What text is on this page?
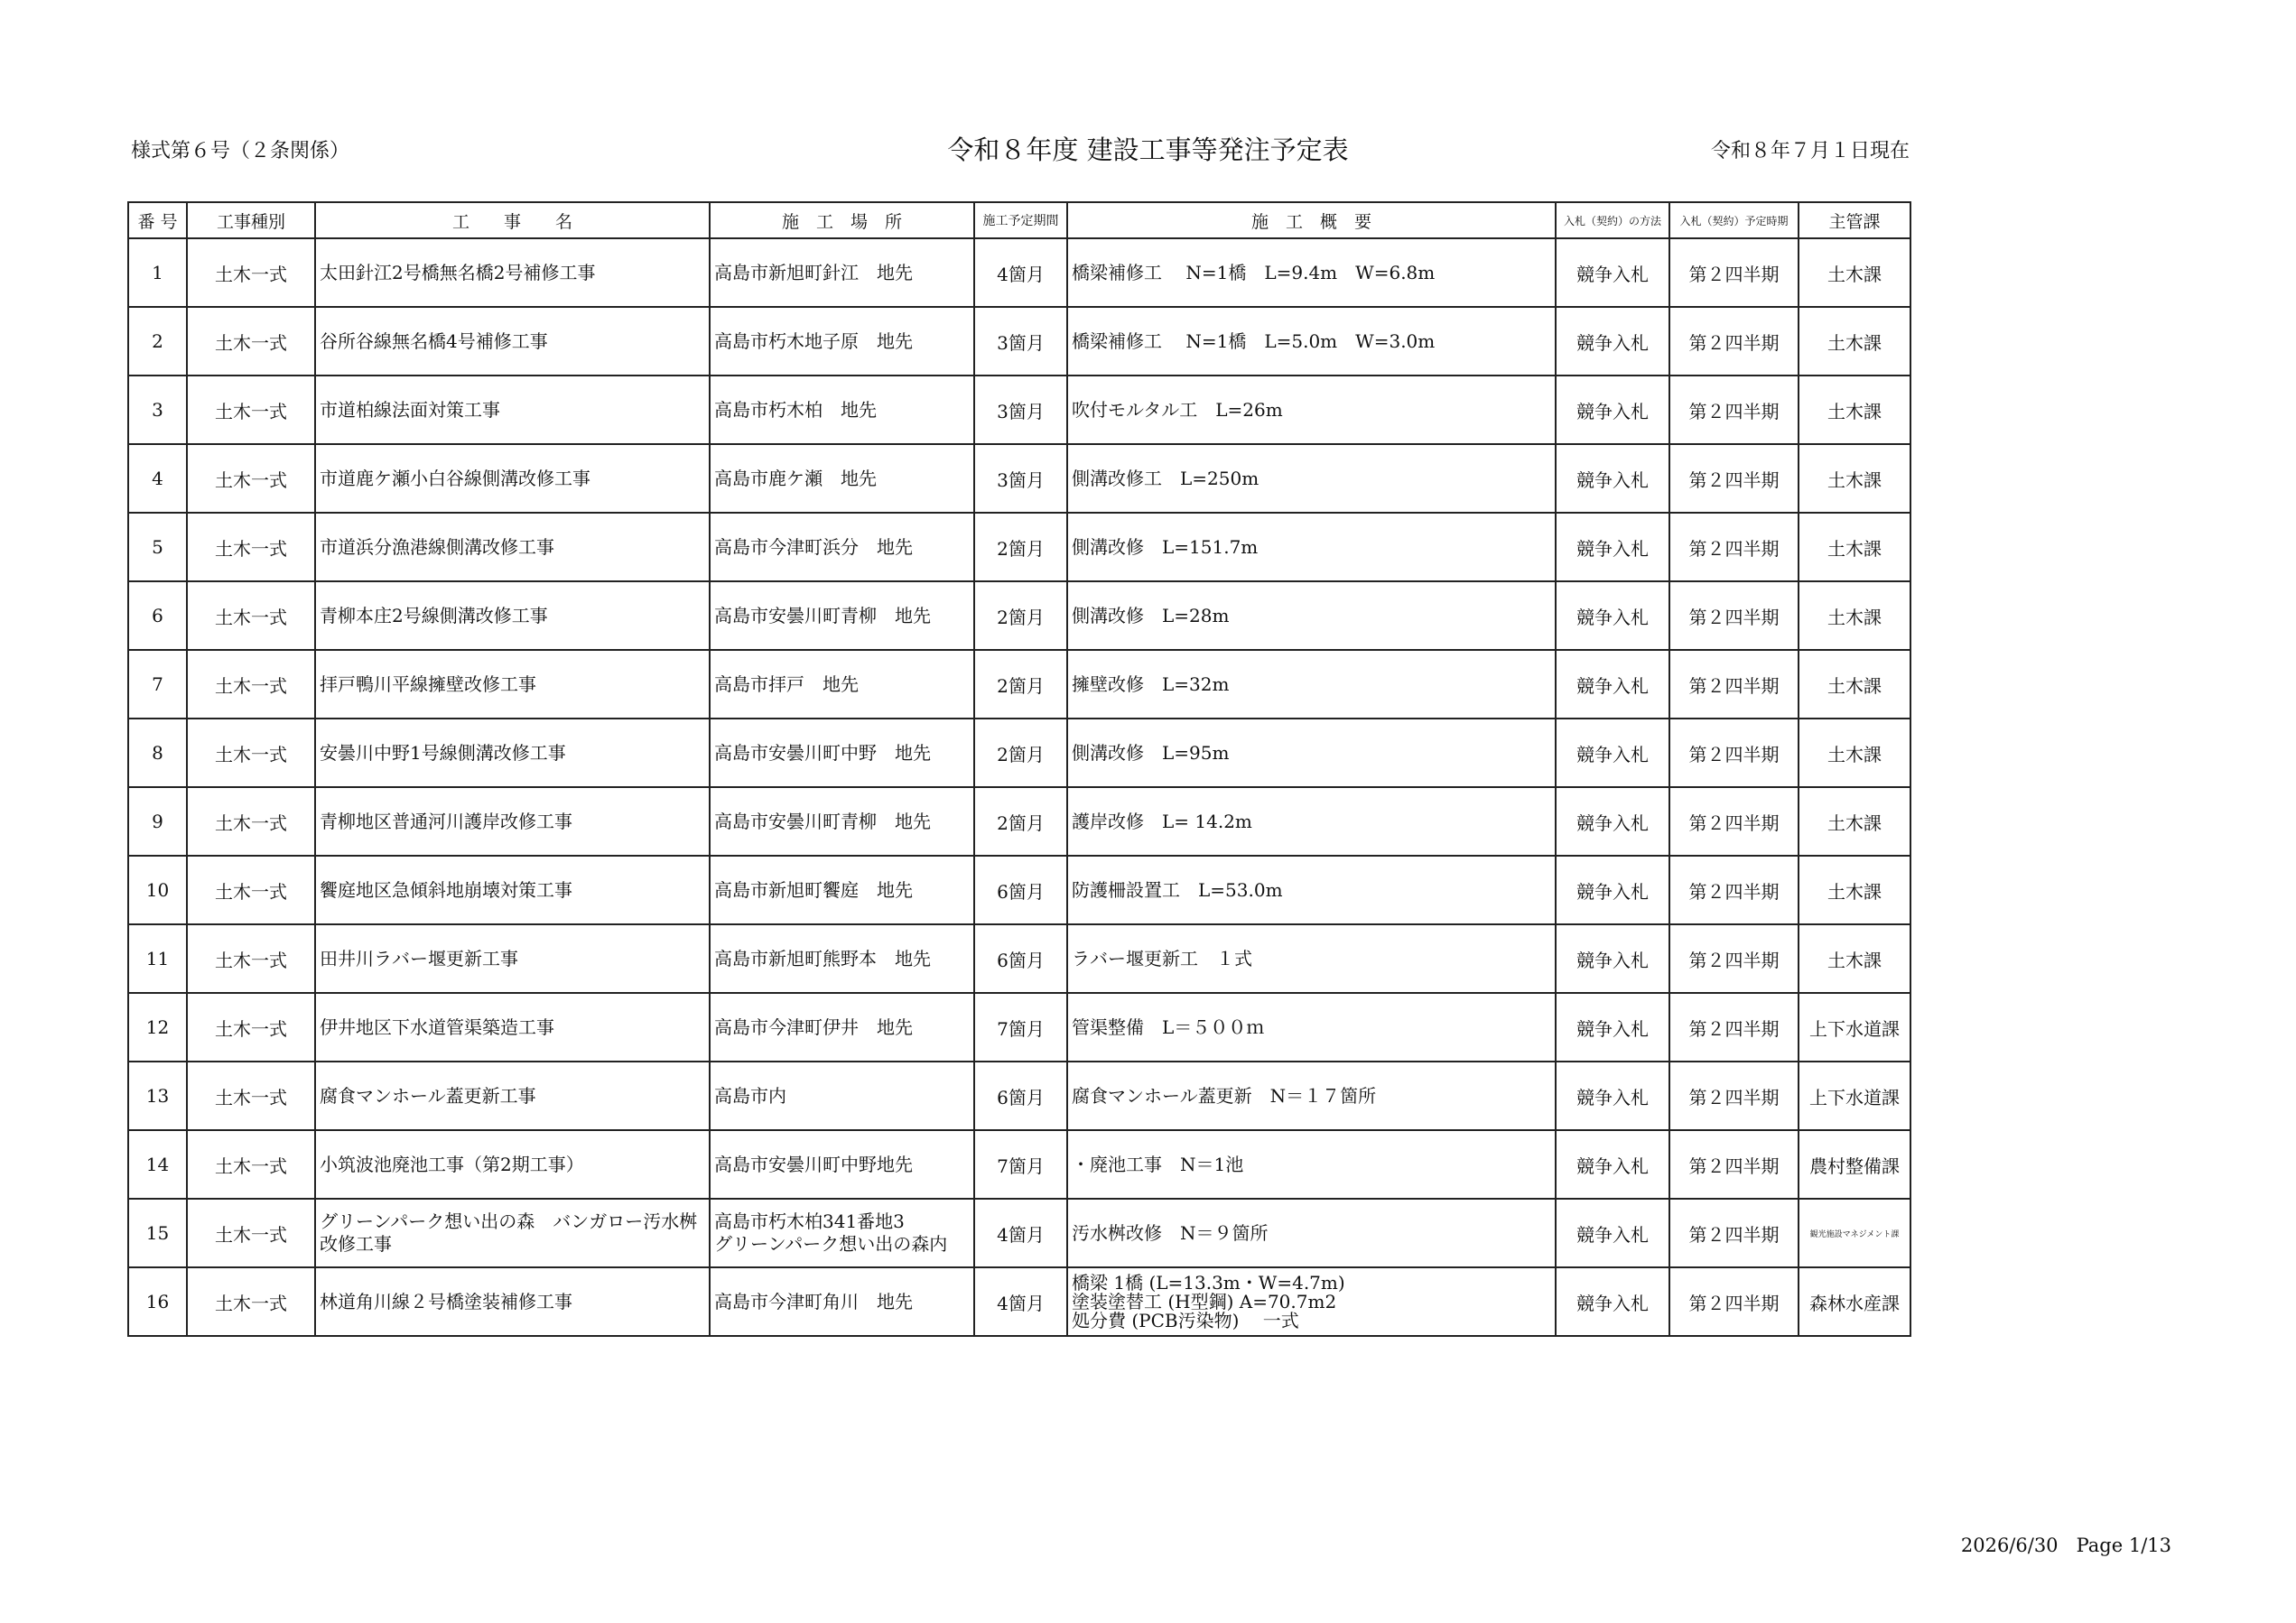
様式第６号（２条関係）	令和８年度 建設工事等発注予定表	令和８年７月１日現在
番 号	工事種別	工　　事　　名	施　工　場　所	施工予定期間	施　工　概　要	入札（契約）の方法	入札（契約）予定時期	主管課
1	土木一式	太田針江2号橋無名橋2号補修工事	高島市新旭町針江　地先	4箇月	橋梁補修工　 N=1橋　L=9.4m　W=6.8m	競争入札	第２四半期	土木課
2	土木一式	谷所谷線無名橋4号補修工事	高島市朽木地子原　地先	3箇月	橋梁補修工　 N=1橋　L=5.0m　W=3.0m	競争入札	第２四半期	土木課
3	土木一式	市道柏線法面対策工事	高島市朽木柏　地先	3箇月	吹付モルタル工　L=26m	競争入札	第２四半期	土木課
4	土木一式	市道鹿ケ瀬小白谷線側溝改修工事	高島市鹿ケ瀬　地先	3箇月	側溝改修工　L=250m	競争入札	第２四半期	土木課
5	土木一式	市道浜分漁港線側溝改修工事	高島市今津町浜分　地先	2箇月	側溝改修　L=151.7m	競争入札	第２四半期	土木課
6	土木一式	青柳本庄2号線側溝改修工事	高島市安曇川町青柳　地先	2箇月	側溝改修　L=28m	競争入札	第２四半期	土木課
7	土木一式	拝戸鴨川平線擁壁改修工事	高島市拝戸　地先	2箇月	擁壁改修　L=32m	競争入札	第２四半期	土木課
8	土木一式	安曇川中野1号線側溝改修工事	高島市安曇川町中野　地先	2箇月	側溝改修　L=95m	競争入札	第２四半期	土木課
9	土木一式	青柳地区普通河川護岸改修工事	高島市安曇川町青柳　地先	2箇月	護岸改修　L= 14.2m	競争入札	第２四半期	土木課
10	土木一式	饗庭地区急傾斜地崩壊対策工事	高島市新旭町饗庭　地先	6箇月	防護柵設置工　L=53.0m	競争入札	第２四半期	土木課
11	土木一式	田井川ラバー堰更新工事	高島市新旭町熊野本　地先	6箇月	ラバー堰更新工　１式	競争入札	第２四半期	土木課
12	土木一式	伊井地区下水道管渠築造工事	高島市今津町伊井　地先	7箇月	管渠整備　L＝５００ｍ	競争入札	第２四半期	上下水道課
13	土木一式	腐食マンホール蓋更新工事	高島市内	6箇月	腐食マンホール蓋更新　N＝１７箇所	競争入札	第２四半期	上下水道課
14	土木一式	小筑波池廃池工事（第2期工事）	高島市安曇川町中野地先	7箇月	・廃池工事　N＝1池	競争入札	第２四半期	農村整備課
15	土木一式	グリーンパーク想い出の森　バンガロー汚水桝改修工事	高島市朽木柏341番地3
グリーンパーク想い出の森内	4箇月	汚水桝改修　N＝９箇所	競争入札	第２四半期	観光施設マネジメント課
16	土木一式	林道角川線２号橋塗装補修工事	高島市今津町角川　地先	4箇月	橋梁 1橋 (L=13.3m・W=4.7m)
塗装塗替工 (H型鋼) A=70.7m2
処分費 (PCB汚染物)　 一式	競争入札	第２四半期	森林水産課
2026/6/30 Page 1/13
